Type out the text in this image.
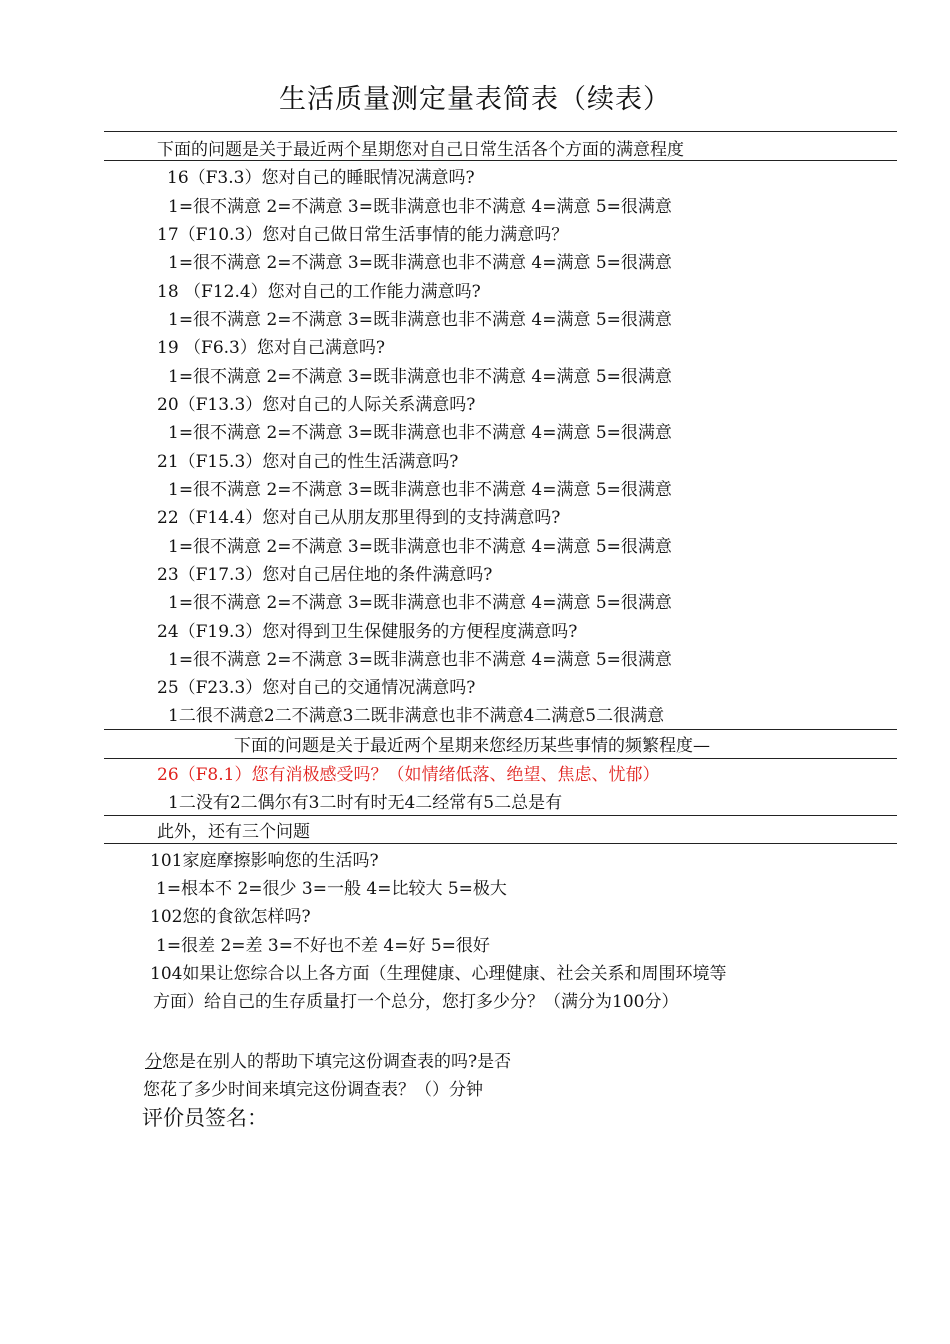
生活质量测定量表简表（续表）
下面的问题是关于最近两个星期您对自己日常生活各个方面的满意程度
16（F3.3）您对自己的睡眠情况满意吗?
1=很不满意 2=不满意 3=既非满意也非不满意 4=满意 5=很满意
17（F10.3）您对自己做日常生活事情的能力满意吗？
1=很不满意 2=不满意 3=既非满意也非不满意 4=满意 5=很满意
18 （F12.4）您对自己的工作能力满意吗?
1=很不满意 2=不满意 3=既非满意也非不满意 4=满意 5=很满意
19 （F6.3）您对自己满意吗?
1=很不满意 2=不满意 3=既非满意也非不满意 4=满意 5=很满意
20（F13.3）您对自己的人际关系满意吗?
1=很不满意 2=不满意 3=既非满意也非不满意 4=满意 5=很满意
21（F15.3）您对自己的性生活满意吗?
1=很不满意 2=不满意 3=既非满意也非不满意 4=满意 5=很满意
22（F14.4）您对自己从朋友那里得到的支持满意吗?
1=很不满意 2=不满意 3=既非满意也非不满意 4=满意 5=很满意
23（F17.3）您对自己居住地的条件满意吗?
1=很不满意 2=不满意 3=既非满意也非不满意 4=满意 5=很满意
24（F19.3）您对得到卫生保健服务的方便程度满意吗?
1=很不满意 2=不满意 3=既非满意也非不满意 4=满意 5=很满意
25（F23.3）您对自己的交通情况满意吗?
1二很不满意2二不满意3二既非满意也非不满意4二满意5二很满意
下面的问题是关于最近两个星期来您经历某些事情的频繁程度—
26（F8.1）您有消极感受吗？（如情绪低落、绝望、焦虑、忧郁）
1二没有2二偶尔有3二时有时无4二经常有5二总是有
此外，还有三个问题
101家庭摩擦影响您的生活吗?
1=根本不 2=很少 3=一般 4=比较大 5=极大
102您的食欲怎样吗?
1=很差 2=差 3=不好也不差 4=好 5=很好
104如果让您综合以上各方面（生理健康、心理健康、社会关系和周围环境等
方面）给自己的生存质量打一个总分，您打多少分？（满分为100分）
分您是在别人的帮助下填完这份调查表的吗?是否
您花了多少时间来填完这份调查表？（）分钟
评价员签名：
